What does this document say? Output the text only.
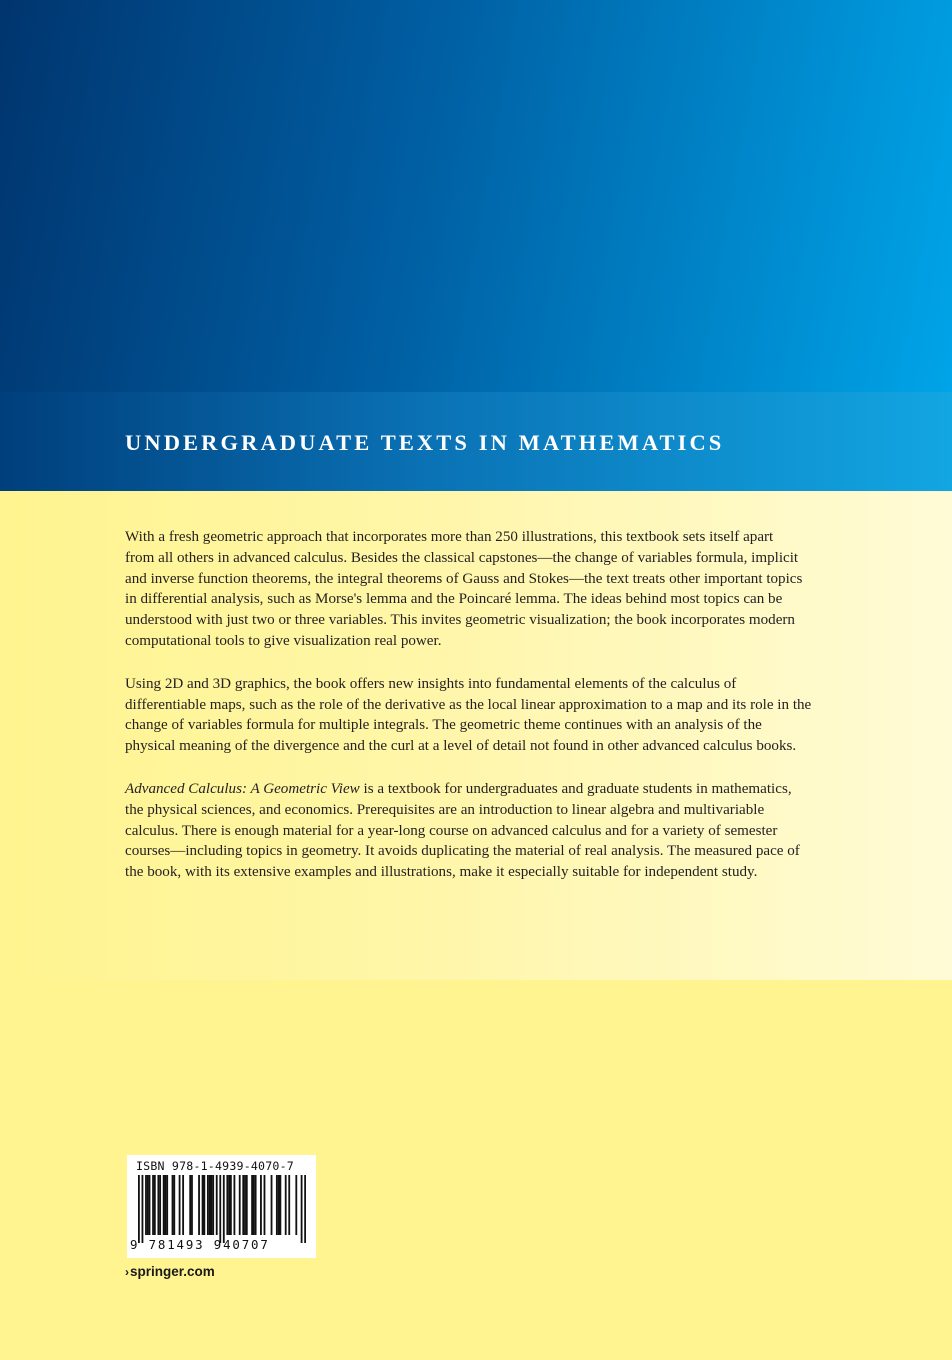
UNDERGRADUATE TEXTS IN MATHEMATICS

With a fresh geometric approach that incorporates more than 250 illustrations, this textbook sets itself apart
from all others in advanced calculus. Besides the classical capstones—the change of variables formula, implicit
and inverse function theorems, the integral theorems of Gauss and Stokes—the text treats other important topics
in differential analysis, such as Morse's lemma and the Poincaré lemma. The ideas behind most topics can be
understood with just two or three variables. This invites geometric visualization; the book incorporates modern
computational tools to give visualization real power.

Using 2D and 3D graphics, the book offers new insights into fundamental elements of the calculus of
differentiable maps, such as the role of the derivative as the local linear approximation to a map and its role in the
change of variables formula for multiple integrals. The geometric theme continues with an analysis of the
physical meaning of the divergence and the curl at a level of detail not found in other advanced calculus books.

Advanced Calculus: A Geometric View is a textbook for undergraduates and graduate students in mathematics,
the physical sciences, and economics. Prerequisites are an introduction to linear algebra and multivariable
calculus. There is enough material for a year-long course on advanced calculus and for a variety of semester
courses—including topics in geometry. It avoids duplicating the material of real analysis. The measured pace of
the book, with its extensive examples and illustrations, make it especially suitable for independent study.

ISBN 978-1-4939-4070-7
9 781493 940707
›springer.com
